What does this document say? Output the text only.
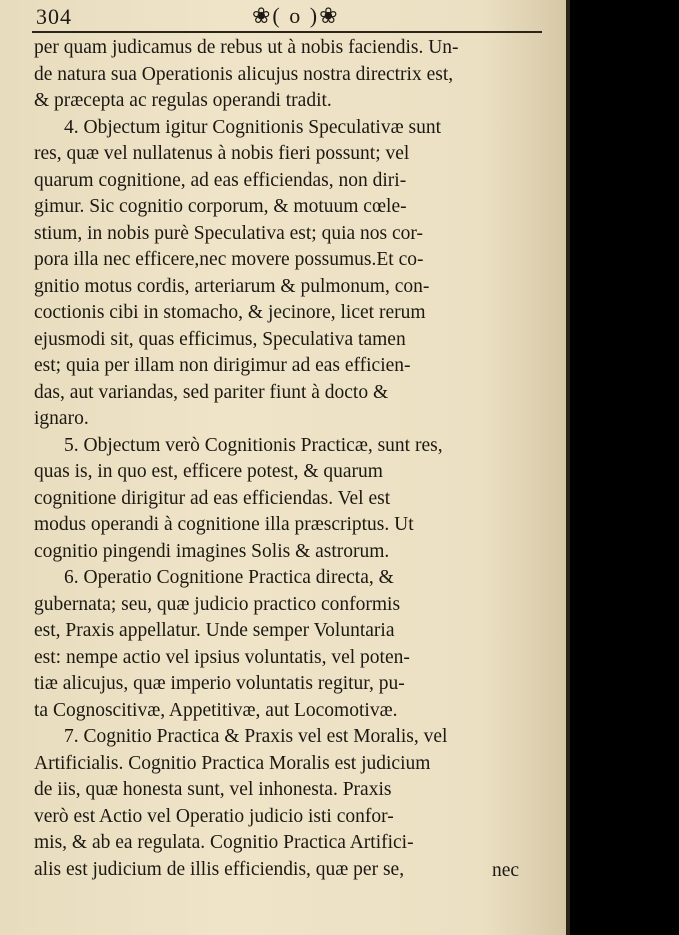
304	❀( o )❀
per quam judicamus de rebus ut à nobis faciendis. Un-
de natura sua Operationis alicujus nostra directrix est,
& præcepta ac regulas operandi tradit.
4. Objectum igitur Cognitionis Speculativæ sunt
res, quæ vel nullatenus à nobis fieri possunt; vel
quarum cognitione, ad eas efficiendas, non diri-
gimur. Sic cognitio corporum, & motuum cœle-
stium, in nobis purè Speculativa est; quia nos cor-
pora illa nec efficere,nec movere possumus.Et co-
gnitio motus cordis, arteriarum & pulmonum, con-
coctionis cibi in stomacho, & jecinore, licet rerum
ejusmodi sit, quas efficimus, Speculativa tamen
est; quia per illam non dirigimur ad eas efficien-
das, aut variandas, sed pariter fiunt à docto &
ignaro.
5. Objectum verò Cognitionis Practicæ, sunt res,
quas is, in quo est, efficere potest, & quarum
cognitione dirigitur ad eas efficiendas. Vel est
modus operandi à cognitione illa præscriptus. Ut
cognitio pingendi imagines Solis & astrorum.
6. Operatio Cognitione Practica directa, &
gubernata; seu, quæ judicio practico conformis
est, Praxis appellatur. Unde semper Voluntaria
est: nempe actio vel ipsius voluntatis, vel poten-
tiæ alicujus, quæ imperio voluntatis regitur, pu-
ta Cognoscitivæ, Appetitivæ, aut Locomotivæ.
7. Cognitio Practica & Praxis vel est Moralis, vel
Artificialis. Cognitio Practica Moralis est judicium
de iis, quæ honesta sunt, vel inhonesta. Praxis
verò est Actio vel Operatio judicio isti confor-
mis, & ab ea regulata. Cognitio Practica Artifici-
alis est judicium de illis efficiendis, quæ per se,	nec
